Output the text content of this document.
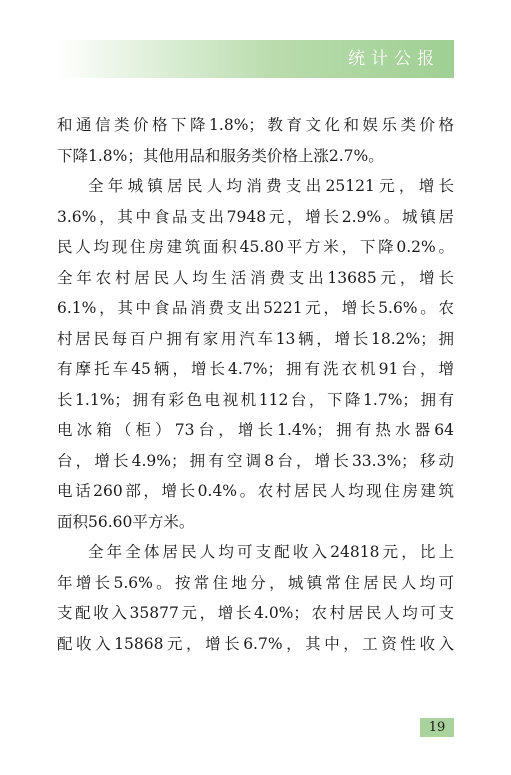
统计公报
和通信类价格下降1.8%；教育文化和娱乐类价格
下降1.8%；其他用品和服务类价格上涨2.7%。
全年城镇居民人均消费支出25121元，增长
3.6%，其中食品支出7948元，增长2.9%。城镇居
民人均现住房建筑面积45.80平方米，下降0.2%。
全年农村居民人均生活消费支出13685元，增长
6.1%，其中食品消费支出5221元，增长5.6%。农
村居民每百户拥有家用汽车13辆，增长18.2%；拥
有摩托车45辆，增长4.7%；拥有洗衣机91台，增
长1.1%；拥有彩色电视机112台，下降1.7%；拥有
电冰箱（柜）73台，增长1.4%；拥有热水器64
台，增长4.9%；拥有空调8台，增长33.3%；移动
电话260部，增长0.4%。农村居民人均现住房建筑
面积56.60平方米。
全年全体居民人均可支配收入24818元，比上
年增长5.6%。按常住地分，城镇常住居民人均可
支配收入35877元，增长4.0%；农村居民人均可支
配收入15868元，增长6.7%，其中，工资性收入
19
